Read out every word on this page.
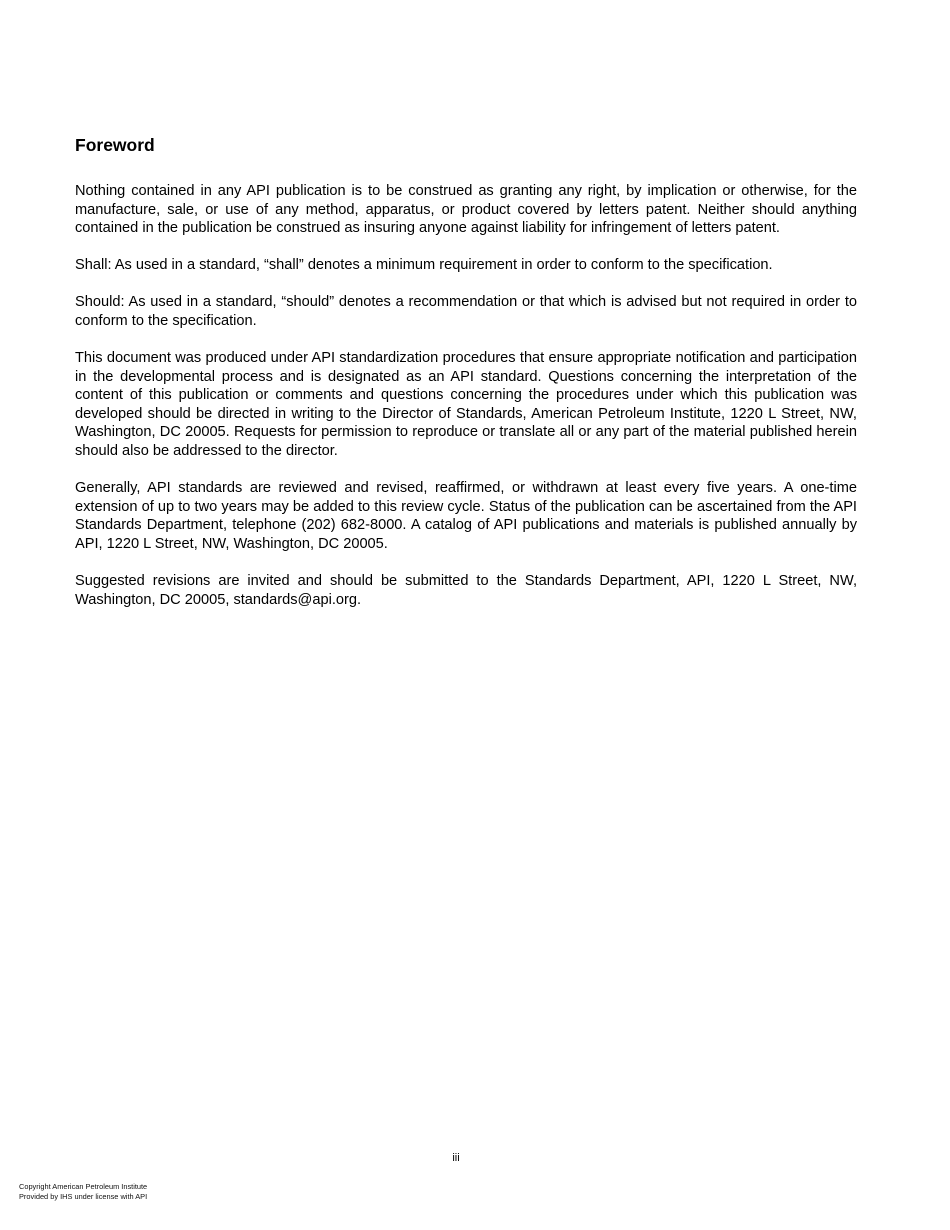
Foreword

Nothing contained in any API publication is to be construed as granting any right, by implication or otherwise, for the manufacture, sale, or use of any method, apparatus, or product covered by letters patent. Neither should anything contained in the publication be construed as insuring anyone against liability for infringement of letters patent.

Shall: As used in a standard, “shall” denotes a minimum requirement in order to conform to the specification.

Should: As used in a standard, “should” denotes a recommendation or that which is advised but not required in order to conform to the specification.

This document was produced under API standardization procedures that ensure appropriate notification and participation in the developmental process and is designated as an API standard. Questions concerning the interpretation of the content of this publication or comments and questions concerning the procedures under which this publication was developed should be directed in writing to the Director of Standards, American Petroleum Institute, 1220 L Street, NW, Washington, DC 20005. Requests for permission to reproduce or translate all or any part of the material published herein should also be addressed to the director.

Generally, API standards are reviewed and revised, reaffirmed, or withdrawn at least every five years. A one-time extension of up to two years may be added to this review cycle. Status of the publication can be ascertained from the API Standards Department, telephone (202) 682-8000. A catalog of API publications and materials is published annually by API, 1220 L Street, NW, Washington, DC 20005.

Suggested revisions are invited and should be submitted to the Standards Department, API, 1220 L Street, NW, Washington, DC 20005, standards@api.org.

iii
Copyright American Petroleum Institute
Provided by IHS under license with API
